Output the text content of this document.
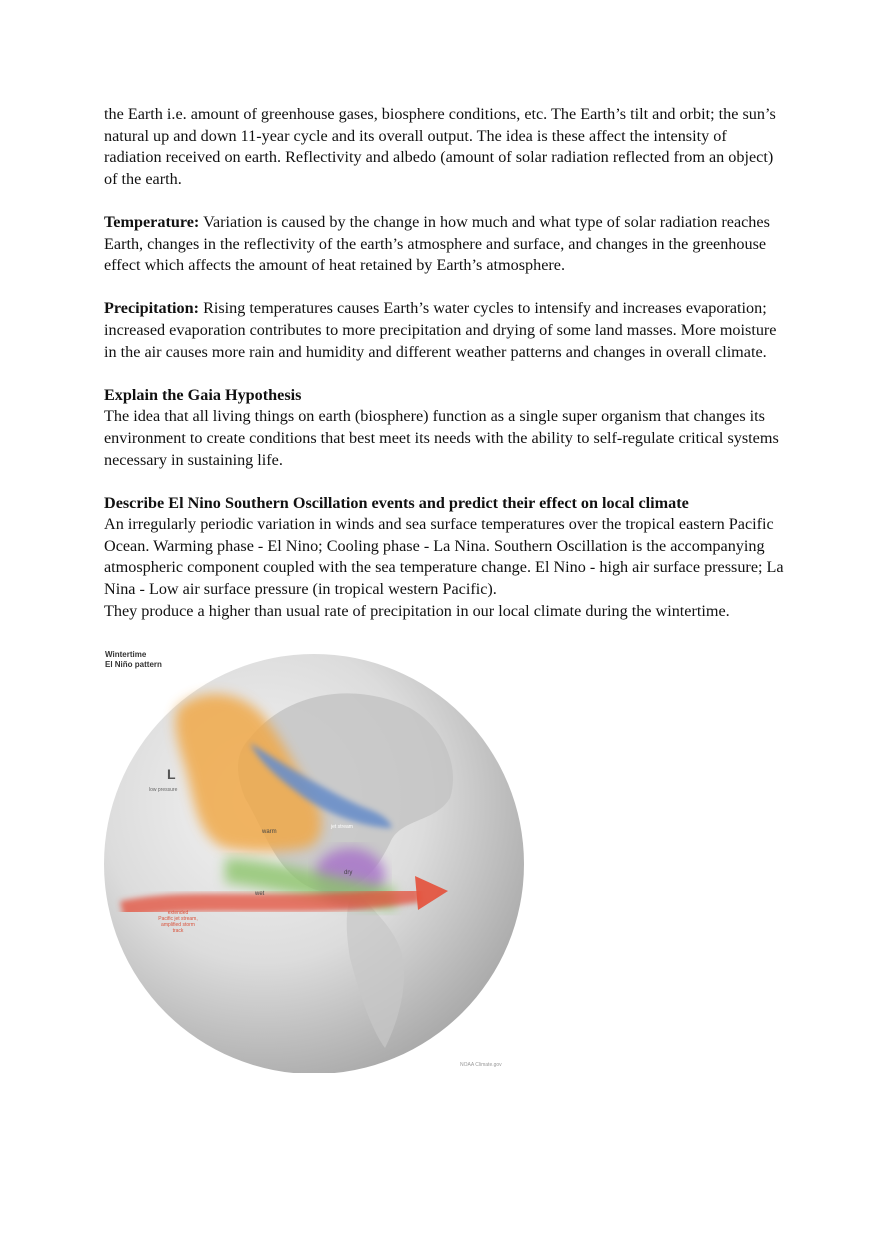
the Earth i.e. amount of greenhouse gases, biosphere conditions, etc. The Earth’s tilt and orbit; the sun’s natural up and down 11-year cycle and its overall output. The idea is these affect the intensity of radiation received on earth. Reflectivity and albedo (amount of solar radiation reflected from an object) of the earth.

Temperature: Variation is caused by the change in how much and what type of solar radiation reaches Earth, changes in the reflectivity of the earth’s atmosphere and surface, and changes in the greenhouse effect which affects the amount of heat retained by Earth’s atmosphere.

Precipitation: Rising temperatures causes Earth’s water cycles to intensify and increases evaporation; increased evaporation contributes to more precipitation and drying of some land masses. More moisture in the air causes more rain and humidity and different weather patterns and changes in overall climate.

Explain the Gaia Hypothesis

The idea that all living things on earth (biosphere) function as a single super organism that changes its environment to create conditions that best meet its needs with the ability to self-regulate critical systems necessary in sustaining life.

Describe El Nino Southern Oscillation events and predict their effect on local climate

An irregularly periodic variation in winds and sea surface temperatures over the tropical eastern Pacific Ocean. Warming phase - El Nino; Cooling phase - La Nina. Southern Oscillation is the accompanying atmospheric component coupled with the sea temperature change. El Nino - high air surface pressure; La Nina - Low air surface pressure (in tropical western Pacific).

They produce a higher than usual rate of precipitation in our local climate during the wintertime.

Wintertime
El Niño pattern
L
low pressure
jet stream
warm
dry
wet
extended
Pacific jet stream,
amplified storm
track
NOAA Climate.gov
